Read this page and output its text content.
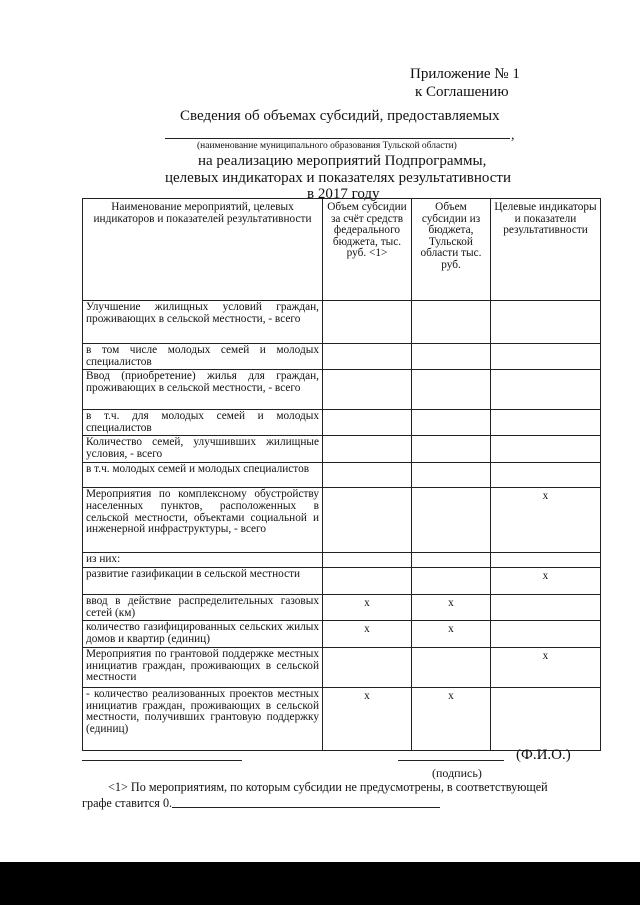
Приложение № 1
к Соглашению
Сведения об объемах субсидий, предоставляемых
,
(наименование муниципального образования Тульской области)
на реализацию мероприятий Подпрограммы,
целевых индикаторах и показателях результативности
в 2017 году
Наименование мероприятий, целевых индикаторов и показателей результативности	Объем субсидии за счёт средств федерального бюджета, тыс. руб. <1>	Объем субсидии из бюджета, Тульской области тыс. руб.	Целевые индикаторы и показатели результативности
Улучшение жилищных условий граждан, проживающих в сельской местности, - всего			
в том числе молодых семей и молодых специалистов			
Ввод (приобретение) жилья для граждан, проживающих в сельской местности, - всего			
в т.ч. для молодых семей и молодых специалистов			
Количество семей, улучшивших жилищные условия, - всего			
в т.ч. молодых семей и молодых специалистов			
Мероприятия по комплексному обустройству населенных пунктов, расположенных в сельской местности, объектами социальной и инженерной инфраструктуры, - всего			x
из них:			
развитие газификации в сельской местности			x
ввод в действие распределительных газовых сетей (км)	x	x	
количество газифицированных сельских жилых домов и квартир (единиц)	x	x	
Мероприятия по грантовой поддержке местных инициатив граждан, проживающих в сельской местности			x
- количество реализованных проектов местных инициатив граждан, проживающих в сельской местности, получивших грантовую поддержку (единиц)	x	x	
(Ф.И.О.)
(подпись)
<1> По мероприятиям, по которым субсидии не предусмотрены, в соответствующей
графе ставится 0.
